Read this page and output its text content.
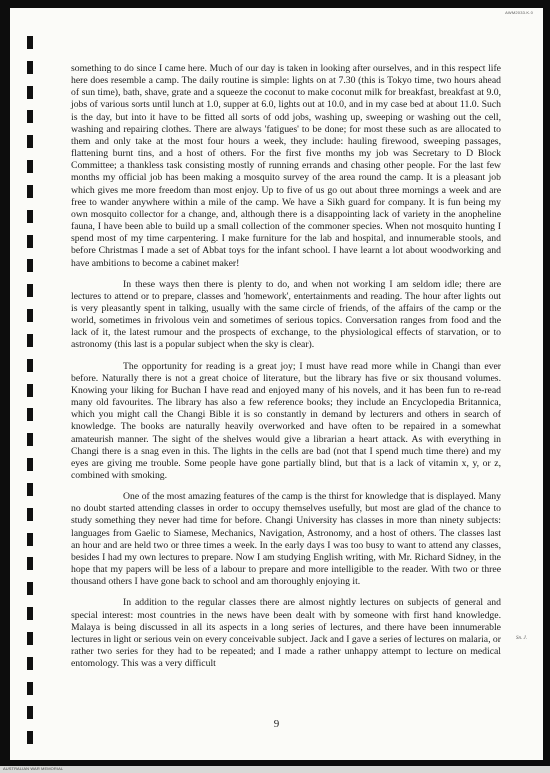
AWM2033.K.0

something to do since I came here. Much of our day is taken in looking after ourselves, and in this respect life here does resemble a camp. The daily routine is simple: lights on at 7.30 (this is Tokyo time, two hours ahead of sun time), bath, shave, grate and a squeeze the coconut to make coconut milk for breakfast, breakfast at 9.0, jobs of various sorts until lunch at 1.0, supper at 6.0, lights out at 10.0, and in my case bed at about 11.0. Such is the day, but into it have to be fitted all sorts of odd jobs, washing up, sweeping or washing out the cell, washing and repairing clothes. There are always 'fatigues' to be done; for most these such as are allocated to them and only take at the most four hours a week, they include: hauling firewood, sweeping passages, flattening burnt tins, and a host of others. For the first five months my job was Secretary to D Block Committee; a thankless task consisting mostly of running errands and chasing other people. For the last few months my official job has been making a mosquito survey of the area round the camp. It is a pleasant job which gives me more freedom than most enjoy. Up to five of us go out about three mornings a week and are free to wander anywhere within a mile of the camp. We have a Sikh guard for company. It is fun being my own mosquito collector for a change, and, although there is a disappointing lack of variety in the anopheline fauna, I have been able to build up a small collection of the commoner species. When not mosquito hunting I spend most of my time carpentering. I make furniture for the lab and hospital, and innumerable stools, and before Christmas I made a set of Abbat toys for the infant school. I have learnt a lot about woodworking and have ambitions to become a cabinet maker!

In these ways then there is plenty to do, and when not working I am seldom idle; there are lectures to attend or to prepare, classes and 'homework', entertainments and reading. The hour after lights out is very pleasantly spent in talking, usually with the same circle of friends, of the affairs of the camp or the world, sometimes in frivolous vein and sometimes of serious topics. Conversation ranges from food and the lack of it, the latest rumour and the prospects of exchange, to the physiological effects of starvation, or to astronomy (this last is a popular subject when the sky is clear).

The opportunity for reading is a great joy; I must have read more while in Changi than ever before. Naturally there is not a great choice of literature, but the library has five or six thousand volumes. Knowing your liking for Buchan I have read and enjoyed many of his novels, and it has been fun to re-read many old favourites. The library has also a few reference books; they include an Encyclopedia Britannica, which you might call the Changi Bible it is so constantly in demand by lecturers and others in search of knowledge. The books are naturally heavily overworked and have often to be repaired in a somewhat amateurish manner. The sight of the shelves would give a librarian a heart attack. As with everything in Changi there is a snag even in this. The lights in the cells are bad (not that I spend much time there) and my eyes are giving me trouble. Some people have gone partially blind, but that is a lack of vitamin x, y, or z, combined with smoking.

One of the most amazing features of the camp is the thirst for knowledge that is displayed. Many no doubt started attending classes in order to occupy themselves usefully, but most are glad of the chance to study something they never had time for before. Changi University has classes in more than ninety subjects: languages from Gaelic to Siamese, Mechanics, Navigation, Astronomy, and a host of others. The classes last an hour and are held two or three times a week. In the early days I was too busy to want to attend any classes, besides I had my own lectures to prepare. Now I am studying English writing, with Mr. Richard Sidney, in the hope that my papers will be less of a labour to prepare and more intelligible to the reader. With two or three thousand others I have gone back to school and am thoroughly enjoying it.

In addition to the regular classes there are almost nightly lectures on subjects of general and special interest: most countries in the news have been dealt with by someone with first hand knowledge. Malaya is being discussed in all its aspects in a long series of lectures, and there have been innumerable lectures in light or serious vein on every conceivable subject. Jack and I gave a series of lectures on malaria, or rather two series for they had to be repeated; and I made a rather unhappy attempt to lecture on medical entomology. This was a very difficult

Sn. J.
9
AUSTRALIAN WAR MEMORIAL
